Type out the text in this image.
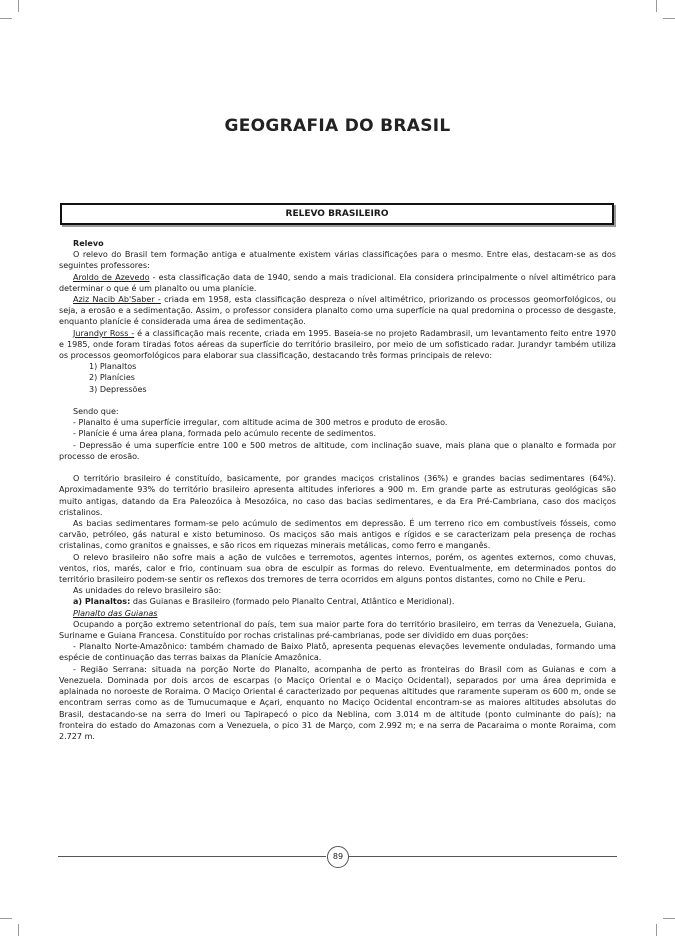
GEOGRAFIA DO BRASIL
RELEVO BRASILEIRO

Relevo

O relevo do Brasil tem formação antiga e atualmente existem várias classificações para o mesmo. Entre elas, destacam-se as dos seguintes professores:

Aroldo de Azevedo - esta classificação data de 1940, sendo a mais tradicional. Ela considera principalmente o nível altimétrico para determinar o que é um planalto ou uma planície.

Aziz Nacib Ab'Saber - criada em 1958, esta classificação despreza o nível altimétrico, priorizando os processos geomorfológicos, ou seja, a erosão e a sedimentação. Assim, o professor considera planalto como uma superfície na qual predomina o processo de desgaste, enquanto planície é considerada uma área de sedimentação.

Jurandyr Ross - é a classificação mais recente, criada em 1995. Baseia-se no projeto Radambrasil, um levantamento feito entre 1970 e 1985, onde foram tiradas fotos aéreas da superfície do território brasileiro, por meio de um sofisticado radar. Jurandyr também utiliza os processos geomorfológicos para elaborar sua classificação, destacando três formas principais de relevo:

1) Planaltos

2) Planícies

3) Depressões

Sendo que:

- Planalto é uma superfície irregular, com altitude acima de 300 metros e produto de erosão.

- Planície é uma área plana, formada pelo acúmulo recente de sedimentos.

- Depressão é uma superfície entre 100 e 500 metros de altitude, com inclinação suave, mais plana que o planalto e formada por processo de erosão.

O território brasileiro é constituído, basicamente, por grandes maciços cristalinos (36%) e grandes bacias sedimentares (64%). Aproximadamente 93% do território brasileiro apresenta altitudes inferiores a 900 m. Em grande parte as estruturas geológicas são muito antigas, datando da Era Paleozóica à Mesozóica, no caso das bacias sedimentares, e da Era Pré-Cambriana, caso dos maciços cristalinos.

As bacias sedimentares formam-se pelo acúmulo de sedimentos em depressão. É um terreno rico em combustíveis fósseis, como carvão, petróleo, gás natural e xisto betuminoso. Os maciços são mais antigos e rígidos e se caracterizam pela presença de rochas cristalinas, como granitos e gnaisses, e são ricos em riquezas minerais metálicas, como ferro e manganês.

O relevo brasileiro não sofre mais a ação de vulcões e terremotos, agentes internos, porém, os agentes externos, como chuvas, ventos, rios, marés, calor e frio, continuam sua obra de esculpir as formas do relevo. Eventualmente, em determinados pontos do território brasileiro podem-se sentir os reflexos dos tremores de terra ocorridos em alguns pontos distantes, como no Chile e Peru.

As unidades do relevo brasileiro são:

a) Planaltos: das Guianas e Brasileiro (formado pelo Planalto Central, Atlântico e Meridional).

Planalto das Guianas

Ocupando a porção extremo setentrional do país, tem sua maior parte fora do território brasileiro, em terras da Venezuela, Guiana, Suriname e Guiana Francesa. Constituído por rochas cristalinas pré-cambrianas, pode ser dividido em duas porções:

- Planalto Norte-Amazônico: também chamado de Baixo Platô, apresenta pequenas elevações levemente onduladas, formando uma espécie de continuação das terras baixas da Planície Amazônica.

- Região Serrana: situada na porção Norte do Planalto, acompanha de perto as fronteiras do Brasil com as Guianas e com a Venezuela. Dominada por dois arcos de escarpas (o Maciço Oriental e o Maciço Ocidental), separados por uma área deprimida e aplainada no noroeste de Roraima. O Maciço Oriental é caracterizado por pequenas altitudes que raramente superam os 600 m, onde se encontram serras como as de Tumucumaque e Açari, enquanto no Maciço Ocidental encontram-se as maiores altitudes absolutas do Brasil, destacando-se na serra do Imeri ou Tapirapecó o pico da Neblina, com 3.014 m de altitude (ponto culminante do país); na fronteira do estado do Amazonas com a Venezuela, o pico 31 de Março, com 2.992 m; e na serra de Pacaraima o monte Roraima, com 2.727 m.

89
